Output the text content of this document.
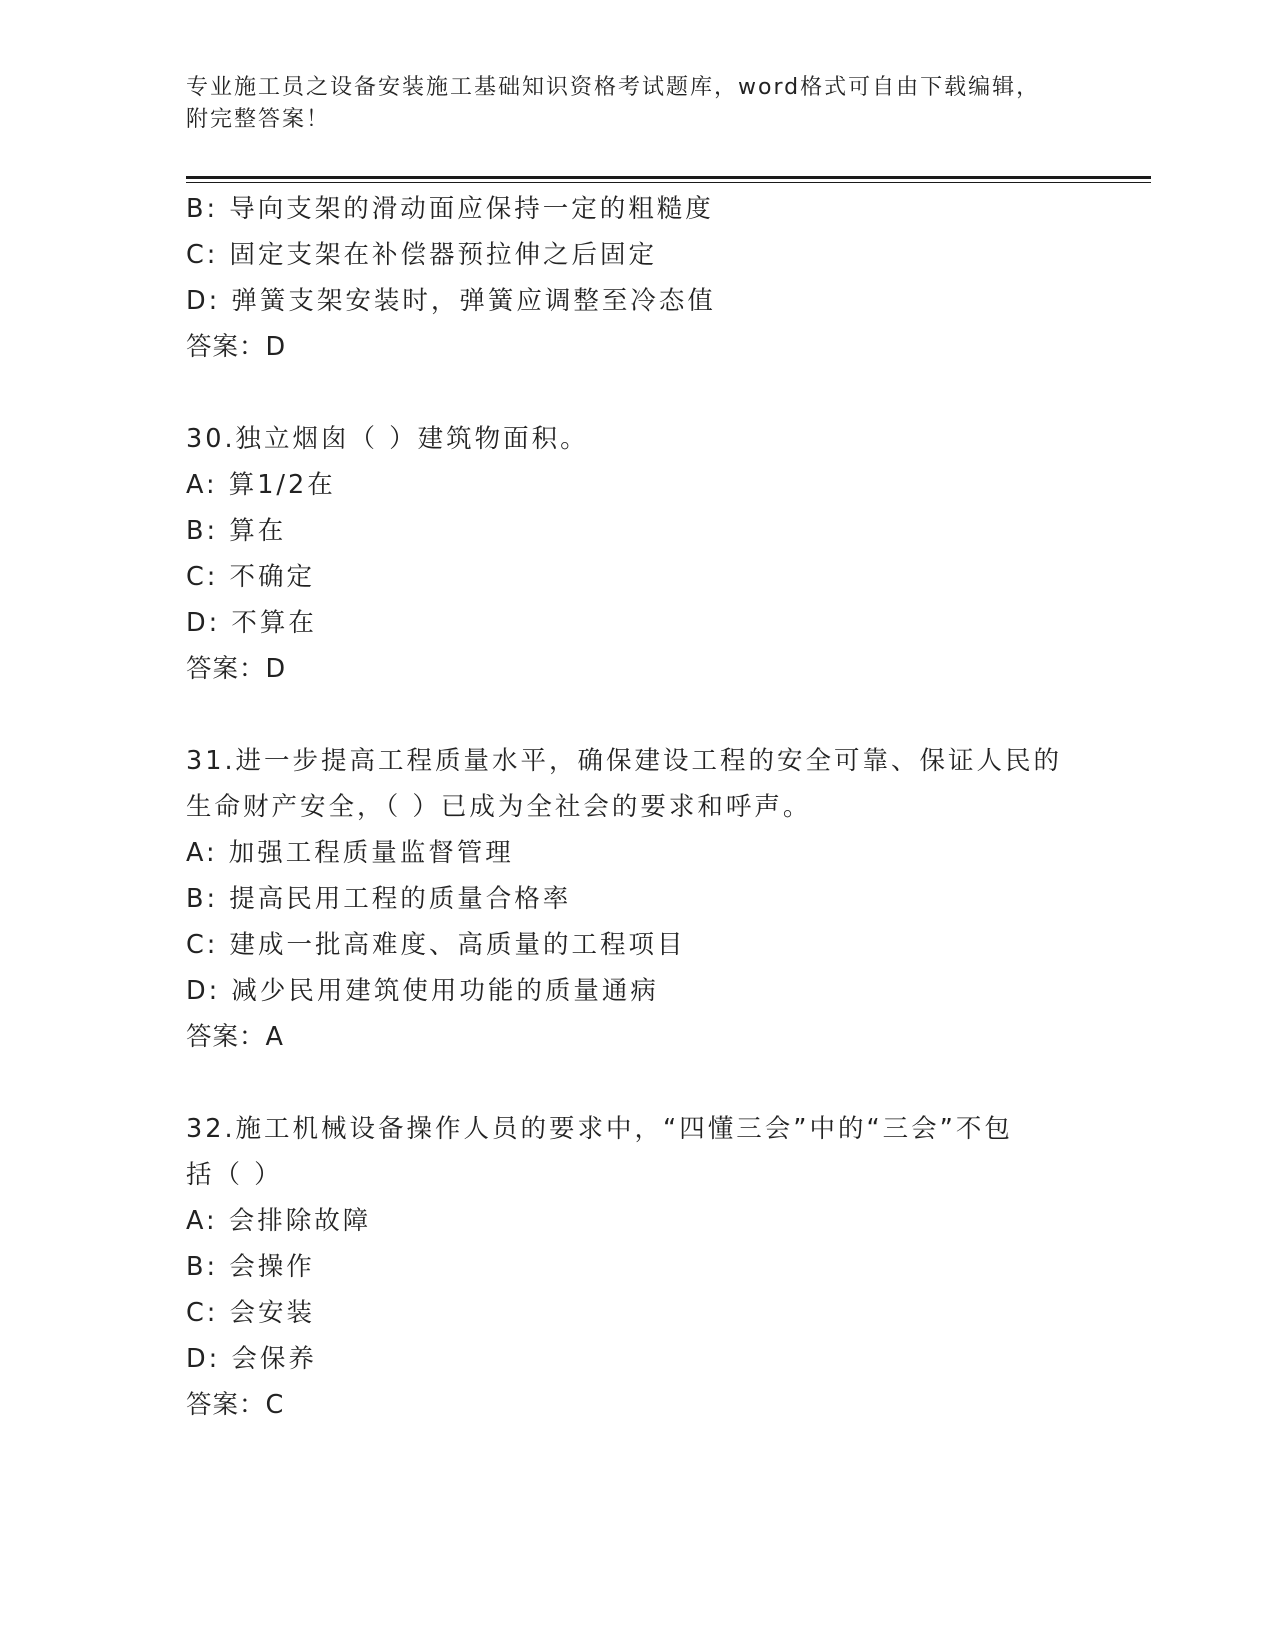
专业施工员之设备安装施工基础知识资格考试题库，word格式可自由下载编辑，
附完整答案！
B: 导向支架的滑动面应保持一定的粗糙度
C: 固定支架在补偿器预拉伸之后固定
D: 弹簧支架安装时，弹簧应调整至冷态值
答案：D
30.独立烟囱（ ）建筑物面积。
A: 算1/2在
B: 算在
C: 不确定
D: 不算在
答案：D
31.进一步提高工程质量水平，确保建设工程的安全可靠、保证人民的
生命财产安全，（ ）已成为全社会的要求和呼声。
A: 加强工程质量监督管理
B: 提高民用工程的质量合格率
C: 建成一批高难度、高质量的工程项目
D: 减少民用建筑使用功能的质量通病
答案：A
32.施工机械设备操作人员的要求中，“四懂三会”中的“三会”不包
括（ ）
A: 会排除故障
B: 会操作
C: 会安装
D: 会保养
答案：C
